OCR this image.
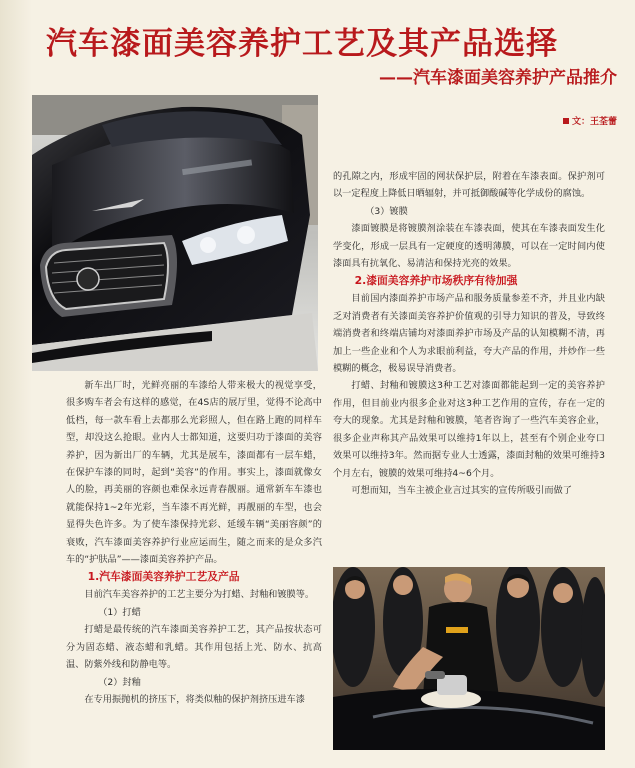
汽车漆面美容养护工艺及其产品选择
——汽车漆面美容养护产品推介
文：王荃蕾

新车出厂时，光鲜亮丽的车漆给人带来极大的视觉享受，很多购车者会有这样的感觉，在4S店的展厅里，觉得不论高中低档，每一款车看上去都那么光彩照人，但在路上跑的同样车型，却没这么抢眼。业内人士都知道，这要归功于漆面的美容养护，因为新出厂的车辆，尤其是展车，漆面都有一层车蜡，在保护车漆的同时，起到“美容”的作用。事实上，漆面就像女人的脸，再美丽的容颜也难保永远青春靓丽。通常新车车漆也就能保持1~2年光彩，当车漆不再光鲜，再靓丽的车型，也会显得失色许多。为了使车漆保持光彩、延缓车辆“美丽容颜”的衰败，汽车漆面美容养护行业应运而生，随之而来的是众多汽车的“护肤品”——漆面美容养护产品。

1.汽车漆面美容养护工艺及产品

目前汽车美容养护的工艺主要分为打蜡、封釉和镀膜等。

（1）打蜡

打蜡是最传统的汽车漆面美容养护工艺，其产品按状态可分为固态蜡、液态蜡和乳蜡。其作用包括上光、防水、抗高温、防紫外线和防静电等。

（2）封釉

在专用振抛机的挤压下，将类似釉的保护剂挤压进车漆

的孔隙之内，形成牢固的网状保护层，附着在车漆表面。保护剂可以一定程度上降低日晒辐射，并可抵御酸碱等化学成份的腐蚀。

（3）镀膜

漆面镀膜是将镀膜剂涂装在车漆表面，使其在车漆表面发生化学变化，形成一层具有一定硬度的透明薄膜，可以在一定时间内使漆面具有抗氧化、易清洁和保持光亮的效果。

2.漆面美容养护市场秩序有待加强

目前国内漆面养护市场产品和服务质量参差不齐，并且业内缺乏对消费者有关漆面美容养护价值观的引导力知识的普及，导致终端消费者和终端店铺均对漆面养护市场及产品的认知模糊不清，再加上一些企业和个人为求眼前利益，夸大产品的作用，并炒作一些模糊的概念，极易误导消费者。

打蜡、封釉和镀膜这3种工艺对漆面都能起到一定的美容养护作用，但目前业内很多企业对这3种工艺作用的宣传，存在一定的夸大的现象。尤其是封釉和镀膜，笔者咨询了一些汽车美容企业，很多企业声称其产品效果可以维持1年以上，甚至有个别企业夸口效果可以维持3年。然而据专业人士透露，漆面封釉的效果可维持3个月左右，镀膜的效果可维持4~6个月。

可想而知，当车主被企业言过其实的宣传所吸引而做了
